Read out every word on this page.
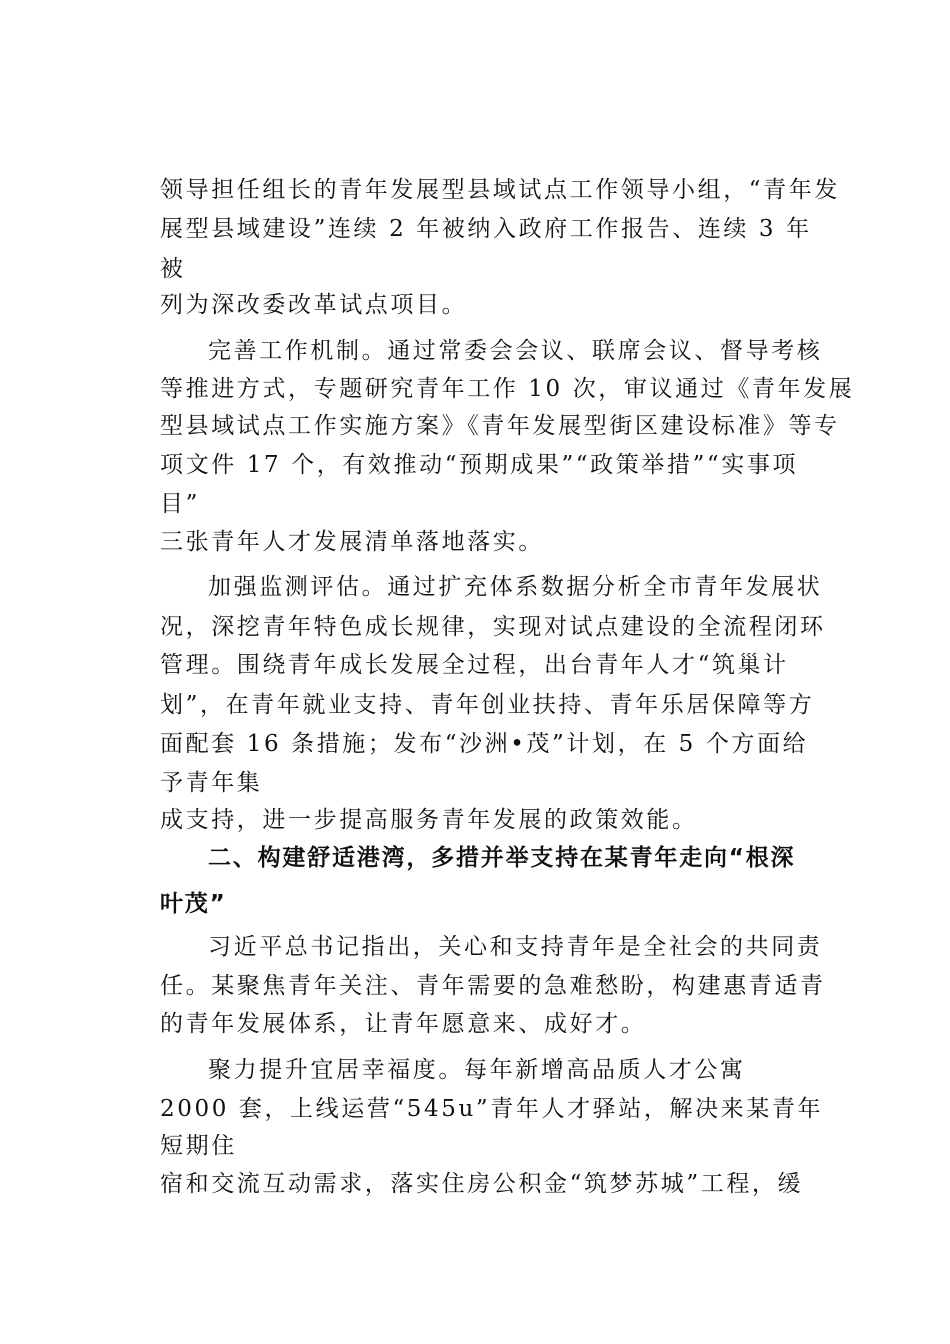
领导担任组长的青年发展型县域试点工作领导小组，“青年发
展型县域建设”连续 2 年被纳入政府工作报告、连续 3 年
被
列为深改委改革试点项目。
完善工作机制。通过常委会会议、联席会议、督导考核
等推进方式，专题研究青年工作 10 次，审议通过《青年发展
型县域试点工作实施方案》《青年发展型街区建设标准》等专
项文件 17 个，有效推动“预期成果”“政策举措”“实事项
目”
三张青年人才发展清单落地落实。
加强监测评估。通过扩充体系数据分析全市青年发展状
况，深挖青年特色成长规律，实现对试点建设的全流程闭环
管理。围绕青年成长发展全过程，出台青年人才“筑巢计
划”，在青年就业支持、青年创业扶持、青年乐居保障等方
面配套 16 条措施；发布“沙洲•茂”计划，在 5 个方面给
予青年集
成支持，进一步提高服务青年发展的政策效能。
二、构建舒适港湾，多措并举支持在某青年走向“根深
叶茂”
习近平总书记指出，关心和支持青年是全社会的共同责
任。某聚焦青年关注、青年需要的急难愁盼，构建惠青适青
的青年发展体系，让青年愿意来、成好才。
聚力提升宜居幸福度。每年新增高品质人才公寓
2000 套，上线运营“545u”青年人才驿站，解决来某青年
短期住
宿和交流互动需求，落实住房公积金“筑梦苏城”工程，缓
